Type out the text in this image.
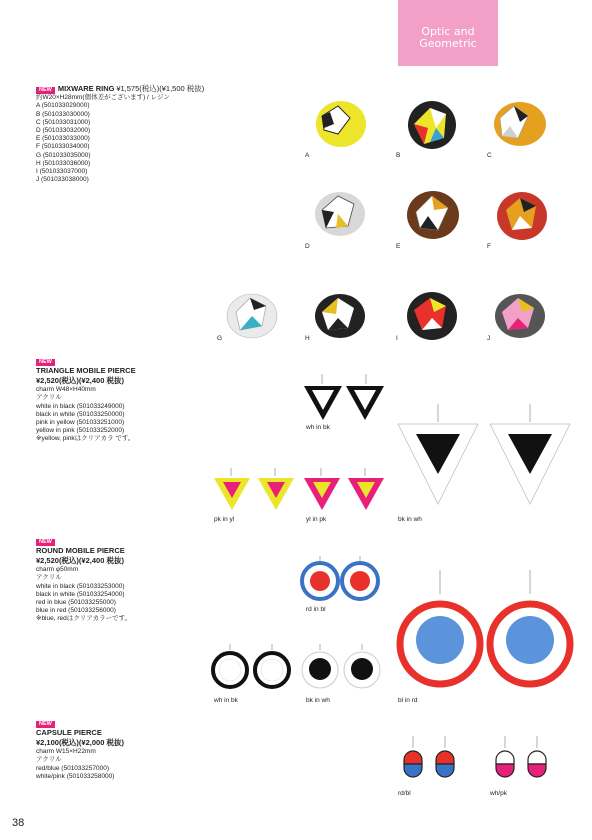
Optic and
Geometric
NEW MIXWARE RING ¥1,575(税込)(¥1,500 税抜)
約W20×H28mm(個体差がございます) / レジン
A (501033029000)
B (501033030000)
C (501033031000)
D (501033032000)
E (501033033000)
F (501033034000)
G (501033035000)
H (501033036000)
I (501033037000)
J (501033038000)
A	B	C
D	E	F
G	H	I	J
NEW
TRIANGLE MOBILE PIERCE
¥2,520(税込)(¥2,400 税抜)
charm W48×H40mm
アクリル
white in black (501033249000)
black in white (501033250000)
pink in yellow (501033251000)
yellow in pink (501033252000)
※yellow, pinkはクリアカラ です。
wh in bk
bk in wh
pk in yl	yl in pk
NEW
ROUND MOBILE PIERCE
¥2,520(税込)(¥2,400 税抜)
charm φ50mm
アクリル
white in black (501033253000)
black in white (501033254000)
red in blue (501033255000)
blue in red (501033256000)
※blue, redはクリアカラーです。
rd in bl
bl in rd
wh in bk	bk in wh
NEW
CAPSULE PIERCE
¥2,100(税込)(¥2,000 税抜)
charm W15×H22mm
アクリル
red/blue (501033257000)
white/pink (501033258000)
rd/bl	wh/pk
38
